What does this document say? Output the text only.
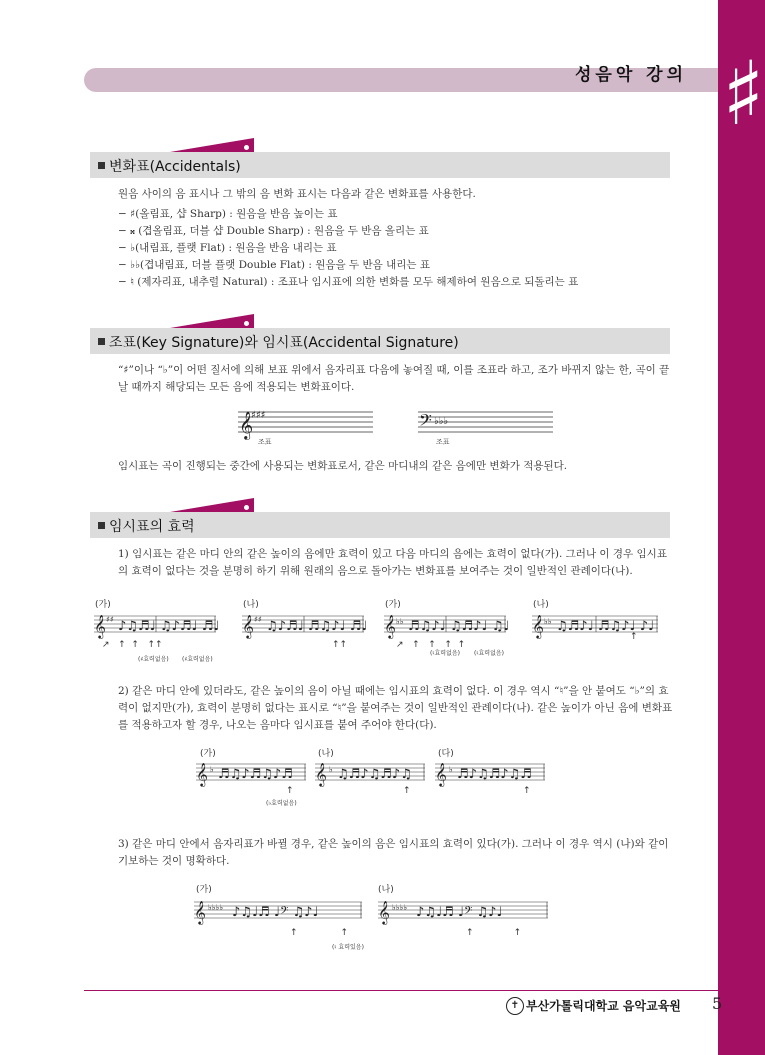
♯
성음악 강의
변화표(Accidentals)
원음 사이의 음 표시나 그 밖의 음 변화 표시는 다음과 같은 변화표를 사용한다.
− ♯(올림표, 샵 Sharp) : 원음을 반음 높이는 표
− 𝄪 (겹올림표, 더블 샵 Double Sharp) : 원음을 두 반음 올리는 표
− ♭(내림표, 플랫 Flat) : 원음을 반음 내리는 표
− ♭♭(겹내림표, 더블 플랫 Double Flat) : 원음을 두 반음 내리는 표
− ♮ (제자리표, 내추럴 Natural) : 조표나 임시표에 의한 변화를 모두 해제하여 원음으로 되돌리는 표
조표(Key Signature)와 임시표(Accidental Signature)
“♯”이나 “♭”이 어떤 질서에 의해 보표 위에서 음자리표 다음에 놓여질 때, 이를 조표라 하고, 조가 바뀌지 않는 한, 곡이 끝날 때까지 해당되는 모든 음에 적용되는 변화표이다.
𝄞
♯♯♯
조표
𝄢 ♭♭♭
조표
임시표는 곡이 진행되는 중간에 사용되는 변화표로서, 같은 마디내의 같은 음에만 변화가 적용된다.
임시표의 효력
1) 임시표는 같은 마디 안의 같은 높이의 음에만 효력이 있고 다음 마디의 음에는 효력이 없다(가). 그러나 이 경우 임시표의 효력이 없다는 것을 분명히 하기 위해 원래의 음으로 돌아가는 변화표를 보여주는 것이 일반적인 관례이다(나).
(가)	(나)	(가)	(나)
𝄞 ♯♯ ♪♫♬♩ ♫♪♬♩ ♬♩ 𝄞 ♯♯ ♫♪♬♩ ♬♫♪♩ ♬♩ 𝄞 ♭♭ ♬♫♪♩ ♫♬♪♩ ♫♩ 𝄞 ♭♭ ♫♬♪♩ ♬♫♪♩ ♪♩
↗   ↑  ↑   ↑↑	↑↑	↗   ↑   ↑   ↑  ↑
↑
(♯효력없음) (♯효력없음)
(♮효력없음) (♮효력없음)
2) 같은 마디 안에 있더라도, 같은 높이의 음이 아닐 때에는 임시표의 효력이 없다. 이 경우 역시 “♮”을 안 붙여도 “♭”의 효력이 없지만(가), 효력이 분명히 없다는 표시로 “♮”을 붙여주는 것이 일반적인 관례이다(나). 같은 높이가 아닌 음에 변화표를 적용하고자 할 경우, 나오는 음마다 임시표를 붙여 주어야 한다(다).
(가)	(나)	(다)
𝄞 ♭ ♬♫♪♬♫♪♬ 𝄞 ♭ ♫♬♪♫♬♪♫ 𝄞 ♭ ♬♪♫♬♪♫♬
↑	↑	↑
(♭효력없음)
3) 같은 마디 안에서 음자리표가 바뀔 경우, 같은 높이의 음은 임시표의 효력이 있다(가). 그러나 이 경우 역시 (나)와 같이 기보하는 것이 명확하다.
(가)	(나)
𝄞 ♭♭♭♭ ♪♫♩♬ ♩𝄢 ♫♪♩	𝄞 ♭♭♭♭ ♪♫♩♬ ♩𝄢 ♫♪♩
↑               ↑	↑              ↑
(♮ 효력있음)
✝ 부산가톨릭대학교 음악교육원 5
